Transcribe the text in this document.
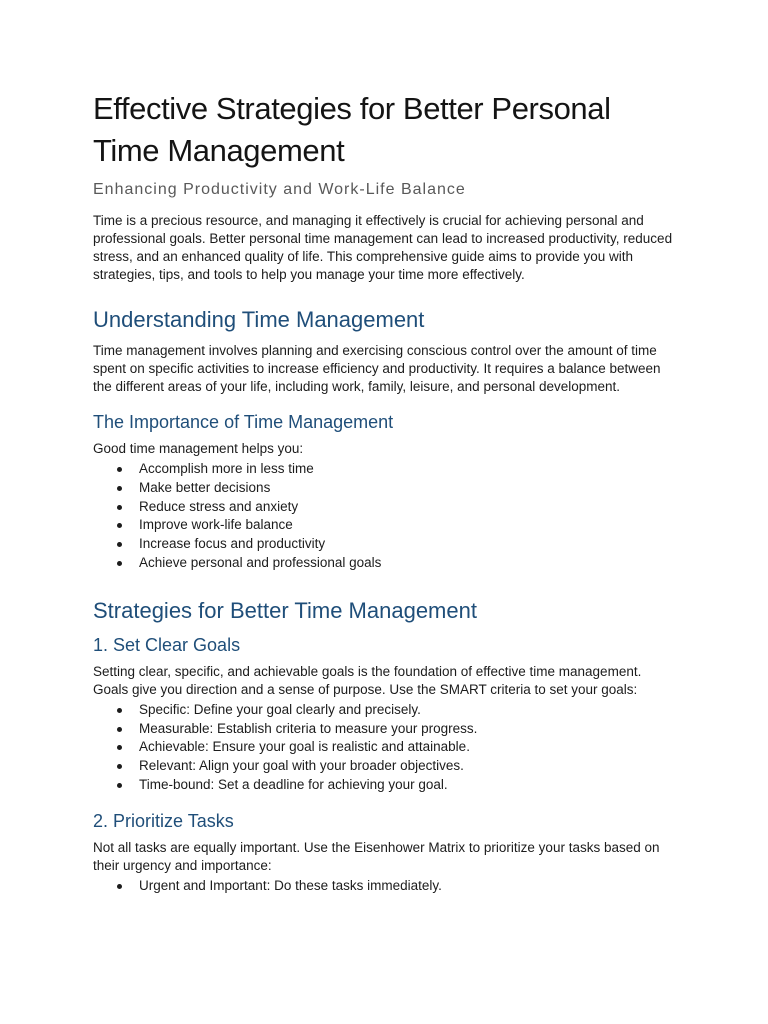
Effective Strategies for Better Personal Time Management
Enhancing Productivity and Work-Life Balance

Time is a precious resource, and managing it effectively is crucial for achieving personal and professional goals. Better personal time management can lead to increased productivity, reduced stress, and an enhanced quality of life. This comprehensive guide aims to provide you with strategies, tips, and tools to help you manage your time more effectively.

Understanding Time Management

Time management involves planning and exercising conscious control over the amount of time spent on specific activities to increase efficiency and productivity. It requires a balance between the different areas of your life, including work, family, leisure, and personal development.

The Importance of Time Management

Good time management helps you:

Accomplish more in less time
Make better decisions
Reduce stress and anxiety
Improve work-life balance
Increase focus and productivity
Achieve personal and professional goals
Strategies for Better Time Management
1. Set Clear Goals

Setting clear, specific, and achievable goals is the foundation of effective time management. Goals give you direction and a sense of purpose. Use the SMART criteria to set your goals:

Specific: Define your goal clearly and precisely.
Measurable: Establish criteria to measure your progress.
Achievable: Ensure your goal is realistic and attainable.
Relevant: Align your goal with your broader objectives.
Time-bound: Set a deadline for achieving your goal.
2. Prioritize Tasks

Not all tasks are equally important. Use the Eisenhower Matrix to prioritize your tasks based on their urgency and importance:

Urgent and Important: Do these tasks immediately.
